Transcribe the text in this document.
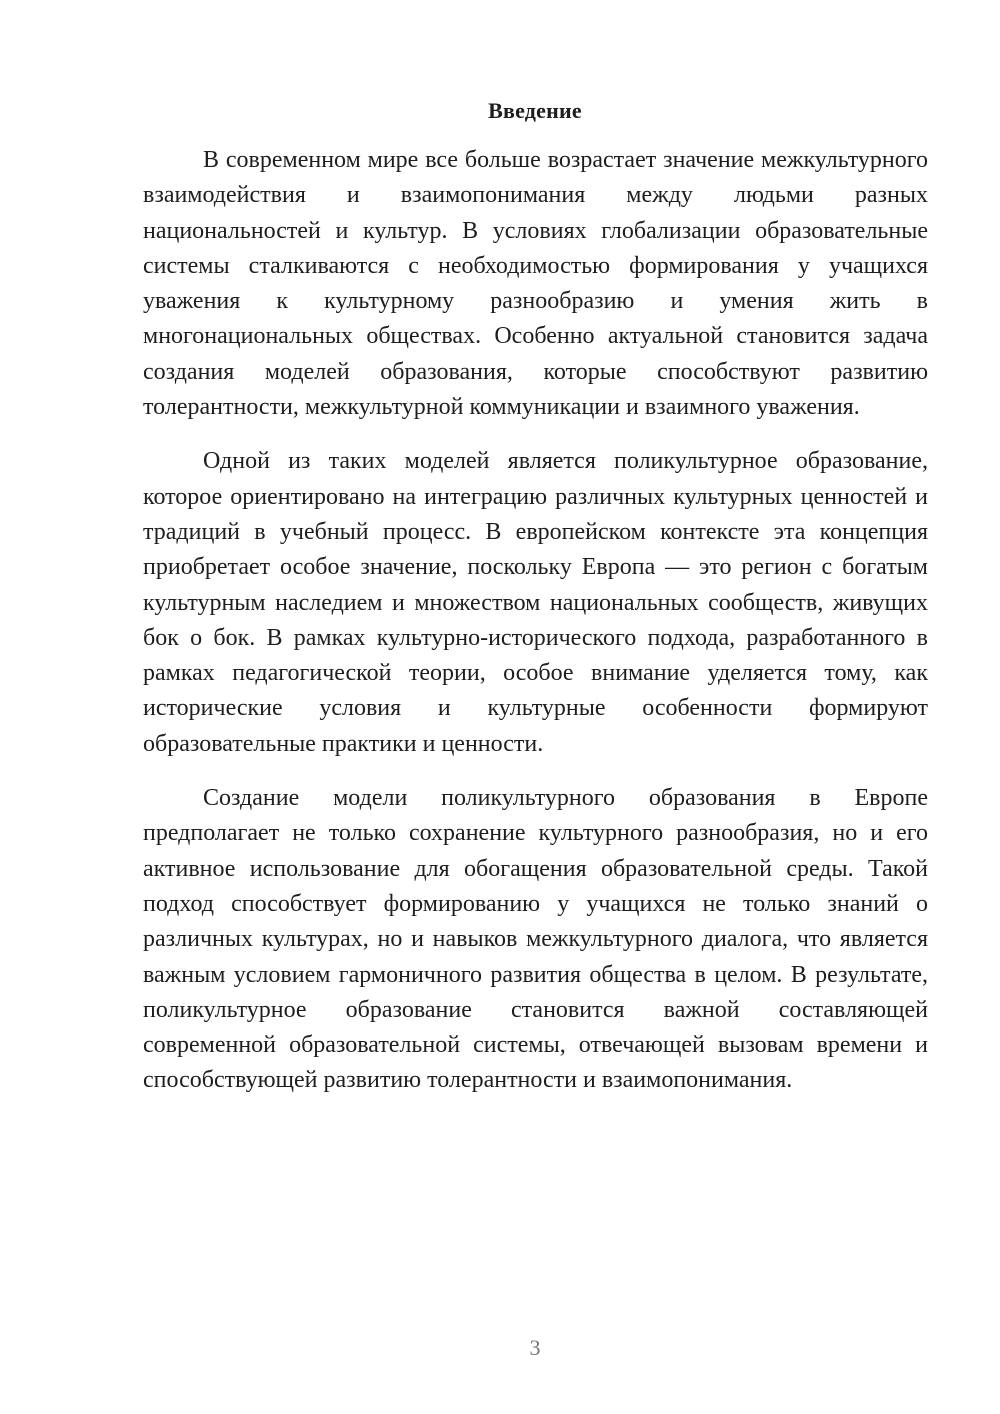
Введение

В современном мире все больше возрастает значение межкультурного взаимодействия и взаимопонимания между людьми разных национальностей и культур. В условиях глобализации образовательные системы сталкиваются с необходимостью формирования у учащихся уважения к культурному разнообразию и умения жить в многонациональных обществах. Особенно актуальной становится задача создания моделей образования, которые способствуют развитию толерантности, межкультурной коммуникации и взаимного уважения.

Одной из таких моделей является поликультурное образование, которое ориентировано на интеграцию различных культурных ценностей и традиций в учебный процесс. В европейском контексте эта концепция приобретает особое значение, поскольку Европа — это регион с богатым культурным наследием и множеством национальных сообществ, живущих бок о бок. В рамках культурно-исторического подхода, разработанного в рамках педагогической теории, особое внимание уделяется тому, как исторические условия и культурные особенности формируют образовательные практики и ценности.

Создание модели поликультурного образования в Европе предполагает не только сохранение культурного разнообразия, но и его активное использование для обогащения образовательной среды. Такой подход способствует формированию у учащихся не только знаний о различных культурах, но и навыков межкультурного диалога, что является важным условием гармоничного развития общества в целом. В результате, поликультурное образование становится важной составляющей современной образовательной системы, отвечающей вызовам времени и способствующей развитию толерантности и взаимопонимания.

3
